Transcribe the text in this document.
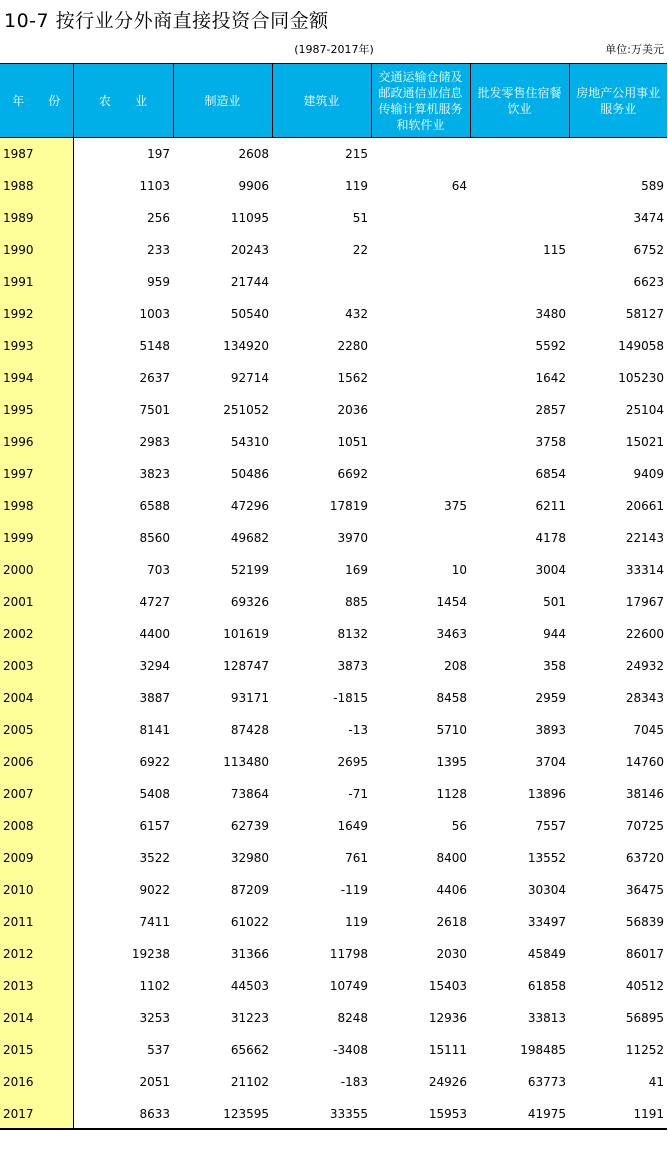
10-7 按行业分外商直接投资合同金额
(1987-2017年)	单位:万美元
年　　份	农　　业	制造业	建筑业	交通运输仓储及邮政通信业信息传输计算机服务和软件业	批发零售住宿餐饮业	房地产公用事业服务业
1987	197	2608	215			
1988	1103	9906	119	64		589
1989	256	11095	51			3474
1990	233	20243	22		115	6752
1991	959	21744				6623
1992	1003	50540	432		3480	58127
1993	5148	134920	2280		5592	149058
1994	2637	92714	1562		1642	105230
1995	7501	251052	2036		2857	25104
1996	2983	54310	1051		3758	15021
1997	3823	50486	6692		6854	9409
1998	6588	47296	17819	375	6211	20661
1999	8560	49682	3970		4178	22143
2000	703	52199	169	10	3004	33314
2001	4727	69326	885	1454	501	17967
2002	4400	101619	8132	3463	944	22600
2003	3294	128747	3873	208	358	24932
2004	3887	93171	-1815	8458	2959	28343
2005	8141	87428	-13	5710	3893	7045
2006	6922	113480	2695	1395	3704	14760
2007	5408	73864	-71	1128	13896	38146
2008	6157	62739	1649	56	7557	70725
2009	3522	32980	761	8400	13552	63720
2010	9022	87209	-119	4406	30304	36475
2011	7411	61022	119	2618	33497	56839
2012	19238	31366	11798	2030	45849	86017
2013	1102	44503	10749	15403	61858	40512
2014	3253	31223	8248	12936	33813	56895
2015	537	65662	-3408	15111	198485	11252
2016	2051	21102	-183	24926	63773	41
2017	8633	123595	33355	15953	41975	1191
